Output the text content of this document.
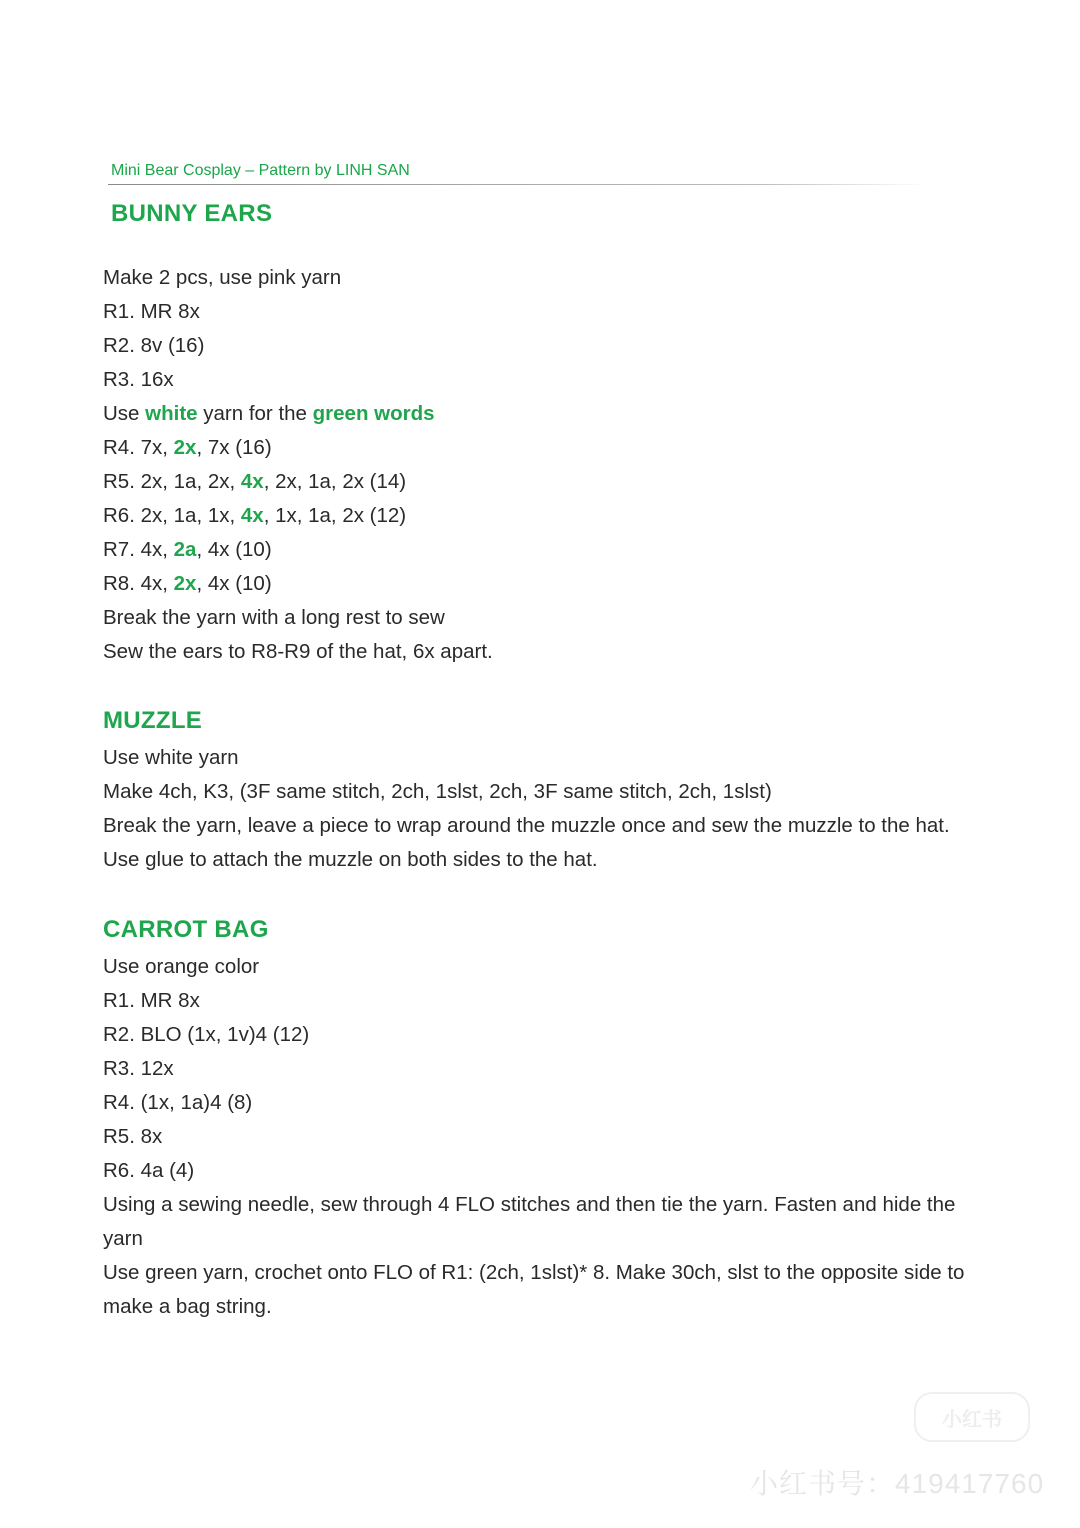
Mini Bear Cosplay – Pattern by LINH SAN
BUNNY EARS
Make 2 pcs, use pink yarn
R1. MR 8x
R2. 8v (16)
R3. 16x
Use white yarn for the green words
R4. 7x, 2x, 7x (16)
R5. 2x, 1a, 2x, 4x, 2x, 1a, 2x (14)
R6. 2x, 1a, 1x, 4x, 1x, 1a, 2x (12)
R7. 4x, 2a, 4x (10)
R8. 4x, 2x, 4x (10)
Break the yarn with a long rest to sew
Sew the ears to R8-R9 of the hat, 6x apart.
MUZZLE
Use white yarn
Make 4ch, K3, (3F same stitch, 2ch, 1slst, 2ch, 3F same stitch, 2ch, 1slst)
Break the yarn, leave a piece to wrap around the muzzle once and sew the muzzle to the hat.
Use glue to attach the muzzle on both sides to the hat.
CARROT BAG
Use orange color
R1. MR 8x
R2. BLO (1x, 1v)4 (12)
R3. 12x
R4. (1x, 1a)4 (8)
R5. 8x
R6. 4a (4)
Using a sewing needle, sew through 4 FLO stitches and then tie the yarn. Fasten and hide the yarn
Use green yarn, crochet onto FLO of R1: (2ch, 1slst)* 8. Make 30ch, slst to the opposite side to make a bag string.
小红书
小红书号：419417760
